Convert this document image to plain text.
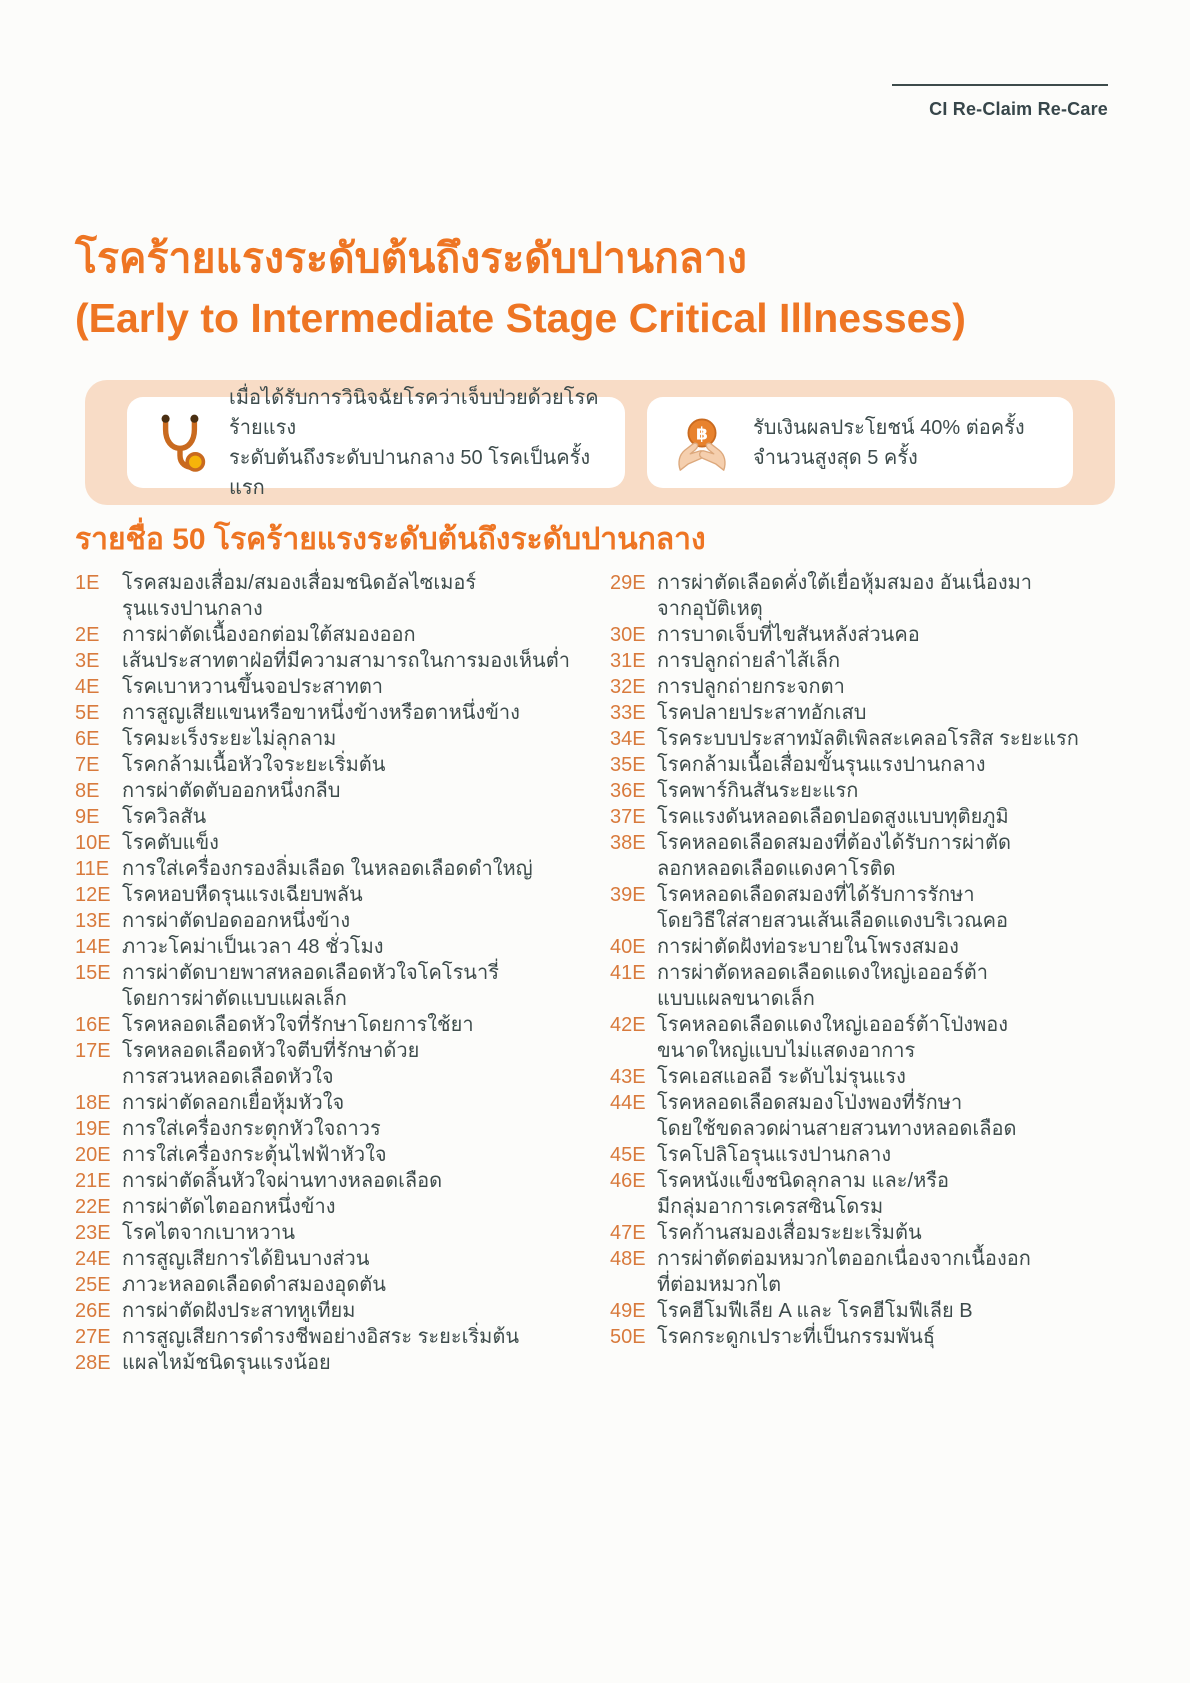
CI Re-Claim Re-Care
โรคร้ายแรงระดับต้นถึงระดับปานกลาง
(Early to Intermediate Stage Critical Illnesses)
เมื่อได้รับการวินิจฉัยโรคว่าเจ็บป่วยด้วยโรคร้ายแรง
ระดับต้นถึงระดับปานกลาง 50 โรคเป็นครั้งแรก
฿ รับเงินผลประโยชน์ 40% ต่อครั้ง
จำนวนสูงสุด 5 ครั้ง
รายชื่อ 50 โรคร้ายแรงระดับต้นถึงระดับปานกลาง
1E	โรคสมองเสื่อม/สมองเสื่อมชนิดอัลไซเมอร์
รุนแรงปานกลาง
2E	การผ่าตัดเนื้องอกต่อมใต้สมองออก
3E	เส้นประสาทตาฝ่อที่มีความสามารถในการมองเห็นต่ำ
4E	โรคเบาหวานขึ้นจอประสาทตา
5E	การสูญเสียแขนหรือขาหนึ่งข้างหรือตาหนึ่งข้าง
6E	โรคมะเร็งระยะไม่ลุกลาม
7E	โรคกล้ามเนื้อหัวใจระยะเริ่มต้น
8E	การผ่าตัดตับออกหนึ่งกลีบ
9E	โรควิลสัน
10E โรคตับแข็ง
11E การใส่เครื่องกรองลิ่มเลือด ในหลอดเลือดดำใหญ่
12E โรคหอบหืดรุนแรงเฉียบพลัน
13E การผ่าตัดปอดออกหนึ่งข้าง
14E ภาวะโคม่าเป็นเวลา 48 ชั่วโมง
15E การผ่าตัดบายพาสหลอดเลือดหัวใจโคโรนารี่
โดยการผ่าตัดแบบแผลเล็ก
16E โรคหลอดเลือดหัวใจที่รักษาโดยการใช้ยา
17E โรคหลอดเลือดหัวใจตีบที่รักษาด้วย
การสวนหลอดเลือดหัวใจ
18E การผ่าตัดลอกเยื่อหุ้มหัวใจ
19E การใส่เครื่องกระตุกหัวใจถาวร
20E การใส่เครื่องกระตุ้นไฟฟ้าหัวใจ
21E การผ่าตัดลิ้นหัวใจผ่านทางหลอดเลือด
22E การผ่าตัดไตออกหนึ่งข้าง
23E โรคไตจากเบาหวาน
24E การสูญเสียการได้ยินบางส่วน
25E ภาวะหลอดเลือดดำสมองอุดตัน
26E การผ่าตัดฝังประสาทหูเทียม
27E การสูญเสียการดำรงชีพอย่างอิสระ ระยะเริ่มต้น
28E แผลไหม้ชนิดรุนแรงน้อย
29E การผ่าตัดเลือดคั่งใต้เยื่อหุ้มสมอง อันเนื่องมา
จากอุบัติเหตุ
30E การบาดเจ็บที่ไขสันหลังส่วนคอ
31E การปลูกถ่ายลำไส้เล็ก
32E การปลูกถ่ายกระจกตา
33E โรคปลายประสาทอักเสบ
34E โรคระบบประสาทมัลติเพิลสะเคลอโรสิส ระยะแรก
35E โรคกล้ามเนื้อเสื่อมขั้นรุนแรงปานกลาง
36E โรคพาร์กินสันระยะแรก
37E โรคแรงดันหลอดเลือดปอดสูงแบบทุติยภูมิ
38E โรคหลอดเลือดสมองที่ต้องได้รับการผ่าตัด
ลอกหลอดเลือดแดงคาโรติด
39E โรคหลอดเลือดสมองที่ได้รับการรักษา
โดยวิธีใส่สายสวนเส้นเลือดแดงบริเวณคอ
40E การผ่าตัดฝังท่อระบายในโพรงสมอง
41E การผ่าตัดหลอดเลือดแดงใหญ่เอออร์ต้า
แบบแผลขนาดเล็ก
42E โรคหลอดเลือดแดงใหญ่เอออร์ต้าโป่งพอง
ขนาดใหญ่แบบไม่แสดงอาการ
43E โรคเอสแอลอี ระดับไม่รุนแรง
44E โรคหลอดเลือดสมองโป่งพองที่รักษา
โดยใช้ขดลวดผ่านสายสวนทางหลอดเลือด
45E โรคโปลิโอรุนแรงปานกลาง
46E โรคหนังแข็งชนิดลุกลาม และ/หรือ
มีกลุ่มอาการเครสซินโดรม
47E โรคก้านสมองเสื่อมระยะเริ่มต้น
48E การผ่าตัดต่อมหมวกไตออกเนื่องจากเนื้องอก
ที่ต่อมหมวกไต
49E โรคฮีโมฟีเลีย A และ โรคฮีโมฟีเลีย B
50E โรคกระดูกเปราะที่เป็นกรรมพันธุ์
